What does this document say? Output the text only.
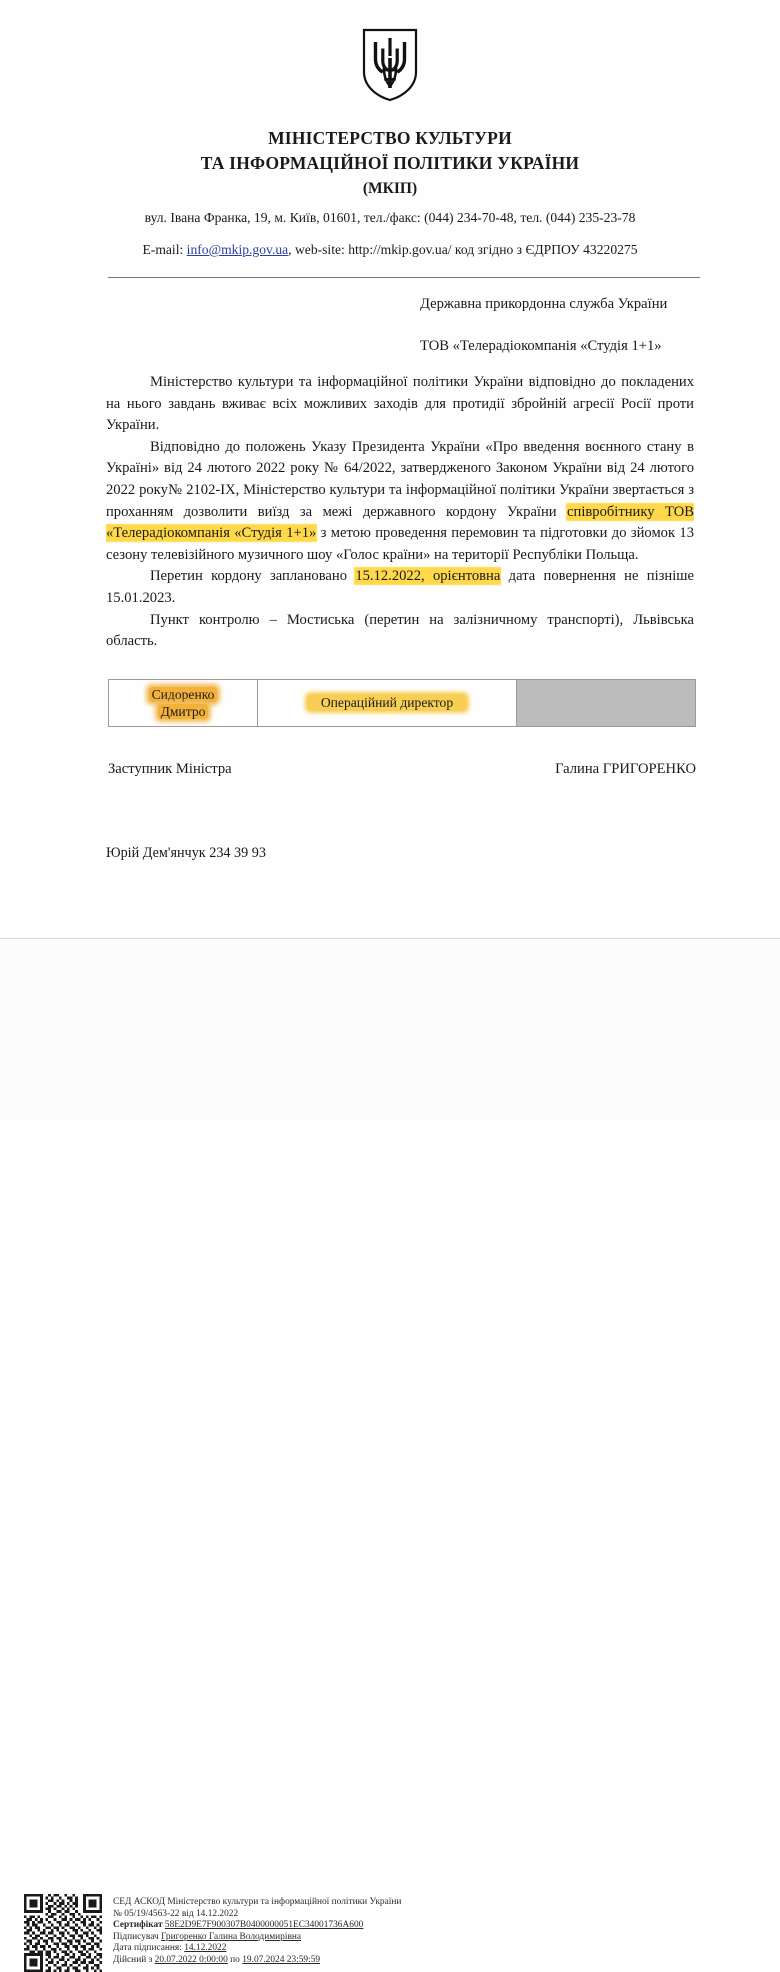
МІНІСТЕРСТВО КУЛЬТУРИ
ТА ІНФОРМАЦІЙНОЇ ПОЛІТИКИ УКРАЇНИ
(МКІП)
вул. Івана Франка, 19, м. Київ, 01601, тел./факс: (044) 234-70-48, тел. (044) 235-23-78
E-mail: info@mkip.gov.ua, web-site: http://mkip.gov.ua/ код згідно з ЄДРПОУ 43220275
Державна прикордонна служба України
ТОВ «Телерадіокомпанія «Студія 1+1»

Міністерство культури та інформаційної політики України відповідно до покладених на нього завдань вживає всіх можливих заходів для протидії збройній агресії Росії проти України.

Відповідно до положень Указу Президента України «Про введення воєнного стану в Україні» від 24 лютого 2022 року № 64/2022, затвердженого Законом України від 24 лютого 2022 року№ 2102-IX, Міністерство культури та інформаційної політики України звертається з проханням дозволити виїзд за межі державного кордону України співробітнику ТОВ «Телерадіокомпанія «Студія 1+1» з метою проведення перемовин та підготовки до зйомок 13 сезону телевізійного музичного шоу «Голос країни» на території Республіки Польща.

Перетин кордону заплановано 15.12.2022, орієнтовна дата повернення не пізніше 15.01.2023.

Пункт контролю – Мостиська (перетин на залізничному транспорті), Львівська область.

Сидоренко
Дмитро	Операційний директор	
Заступник Міністра	Галина ГРИГОРЕНКО
Юрій Дем'янчук 234 39 93
СЕД АСКОД Міністерство культури та інформаційної політики України
№ 05/19/4563-22 від 14.12.2022
Сертифікат 58E2D9E7F900307B0400000051EC34001736A600
Підписувач Григоренко Галина Володимирівна
Дата підписання: 14.12.2022
Дійсний з 20.07.2022 0:00:00 по 19.07.2024 23:59:59
